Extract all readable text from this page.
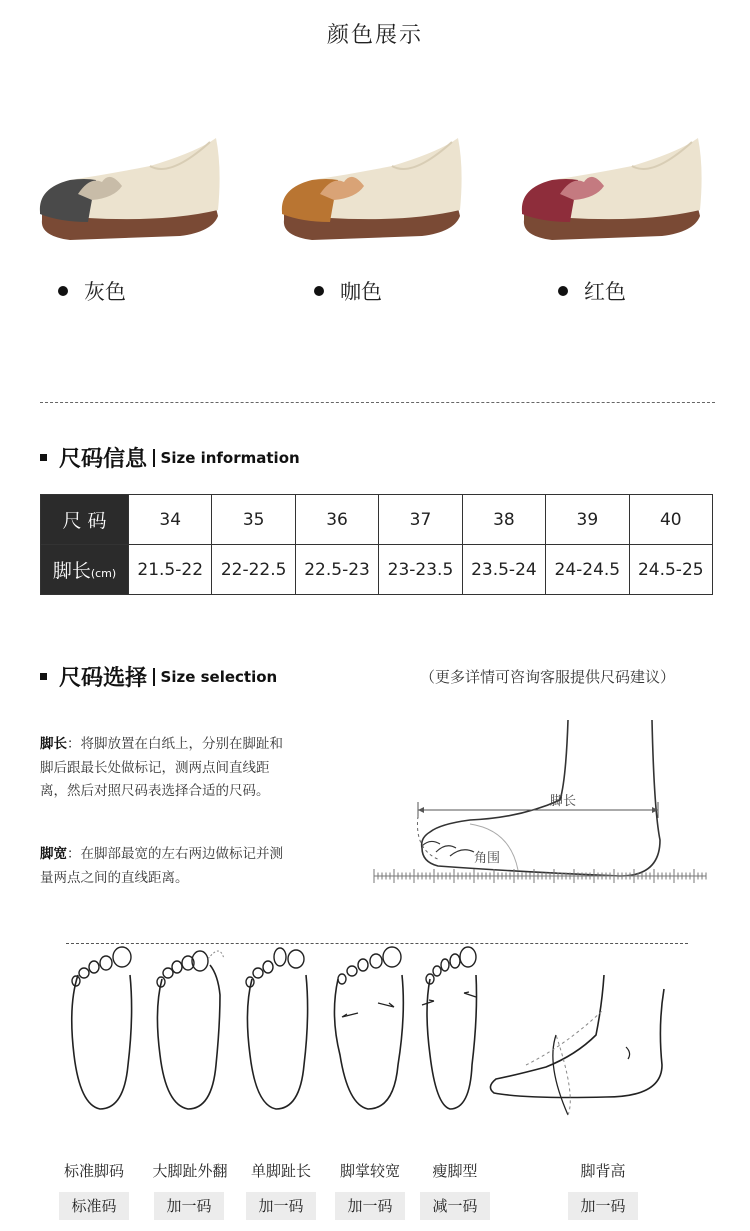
颜色展示
灰色	咖色	红色
尺码信息 Size information
尺 码	34	35	36	37	38	39	40
脚长(cm)	21.5-22	22-22.5	22.5-23	23-23.5	23.5-24	24-24.5	24.5-25
尺码选择 Size selection	（更多详情可咨询客服提供尺码建议）
脚长：将脚放置在白纸上，分别在脚趾和脚后跟最长处做标记，测两点间直线距离，然后对照尺码表选择合适的尺码。
脚宽：在脚部最宽的左右两边做标记并测量两点之间的直线距离。
脚长
角围
标准脚码	大脚趾外翻	单脚趾长	脚掌较宽	瘦脚型	脚背高
标准码	加一码	加一码	加一码	减一码	加一码
